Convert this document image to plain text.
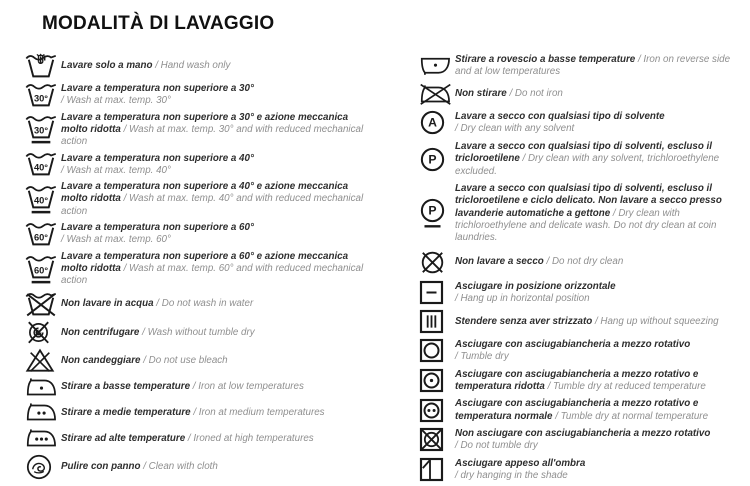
MODALITÀ DI LAVAGGIO
Lavare solo a mano / Hand wash only
30°
Lavare a temperatura non superiore a 30°
/ Wash at max. temp. 30°
30°
Lavare a temperatura non superiore a 30° e azione meccanica molto ridotta / Wash at max. temp. 30° and with reduced mechanical action
40°
Lavare a temperatura non superiore a 40°
/ Wash at max. temp. 40°
40°
Lavare a temperatura non superiore a 40° e azione meccanica molto ridotta / Wash at max. temp. 40° and with reduced mechanical action
60°
Lavare a temperatura non superiore a 60°
/ Wash at max. temp. 60°
60°
Lavare a temperatura non superiore a 60° e azione meccanica molto ridotta / Wash at max. temp. 60° and with reduced mechanical action
Non lavare in acqua / Do not wash in water
Non centrifugare / Wash without tumble dry
Non candeggiare / Do not use bleach
Stirare a basse temperature / Iron at low temperatures
Stirare a medie temperature / Iron at medium temperatures
Stirare ad alte temperature / Ironed at high temperatures
Pulire con panno / Clean with cloth
Stirare a rovescio a basse temperature / Iron on reverse side and at low temperatures
Non stirare / Do not iron
A Lavare a secco con qualsiasi tipo di solvente
/ Dry clean with any solvent
P
Lavare a secco con qualsiasi tipo di solventi, escluso il tricloroetilene / Dry clean with any solvent, trichloroethylene excluded.
P
Lavare a secco con qualsiasi tipo di solventi, escluso il tricloroetilene e ciclo delicato. Non lavare a secco presso lavanderie automatiche a gettone / Dry clean with trichloroethylene and delicate wash. Do not dry clean at coin laundries.
Non lavare a secco / Do not dry clean
Asciugare in posizione orizzontale
/ Hang up in horizontal position
Stendere senza aver strizzato / Hang up without squeezing
Asciugare con asciugabiancheria a mezzo rotativo
/ Tumble dry
Asciugare con asciugabiancheria a mezzo rotativo e temperatura ridotta / Tumble dry at reduced temperature
Asciugare con asciugabiancheria a mezzo rotativo e temperatura normale / Tumble dry at normal temperature
Non asciugare con asciugabiancheria a mezzo rotativo
/ Do not tumble dry
Asciugare appeso all'ombra
/ dry hanging in the shade
